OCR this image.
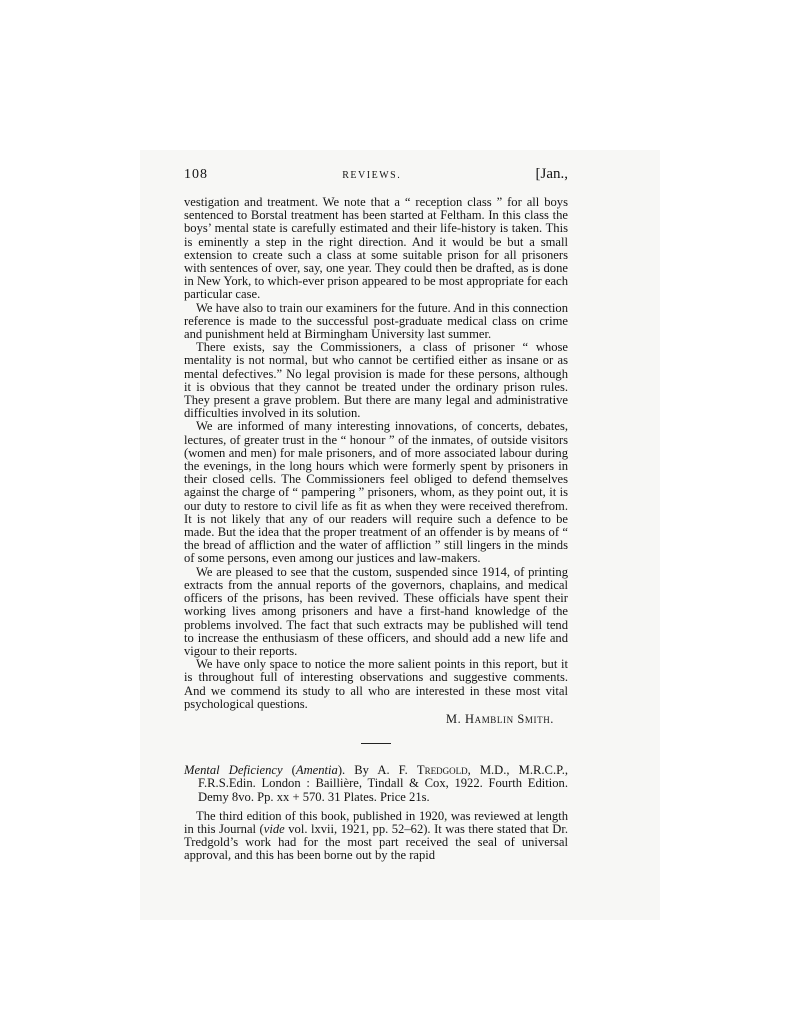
108	REVIEWS.	[Jan.,

vestigation and treatment. We note that a “ reception class ” for all boys sentenced to Borstal treatment has been started at Feltham. In this class the boys’ mental state is carefully estimated and their life-history is taken. This is eminently a step in the right direction. And it would be but a small extension to create such a class at some suitable prison for all prisoners with sentences of over, say, one year. They could then be drafted, as is done in New York, to which-ever prison appeared to be most appropriate for each particular case.

We have also to train our examiners for the future. And in this connection reference is made to the successful post-graduate medical class on crime and punishment held at Birmingham University last summer.

There exists, say the Commissioners, a class of prisoner “ whose mentality is not normal, but who cannot be certified either as insane or as mental defectives.” No legal provision is made for these persons, although it is obvious that they cannot be treated under the ordinary prison rules. They present a grave problem. But there are many legal and administrative difficulties involved in its solution.

We are informed of many interesting innovations, of concerts, debates, lectures, of greater trust in the “ honour ” of the inmates, of outside visitors (women and men) for male prisoners, and of more associated labour during the evenings, in the long hours which were formerly spent by prisoners in their closed cells. The Commissioners feel obliged to defend themselves against the charge of “ pampering ” prisoners, whom, as they point out, it is our duty to restore to civil life as fit as when they were received therefrom. It is not likely that any of our readers will require such a defence to be made. But the idea that the proper treatment of an offender is by means of “ the bread of affliction and the water of affliction ” still lingers in the minds of some persons, even among our justices and law-makers.

We are pleased to see that the custom, suspended since 1914, of printing extracts from the annual reports of the governors, chaplains, and medical officers of the prisons, has been revived. These officials have spent their working lives among prisoners and have a first-hand knowledge of the problems involved. The fact that such extracts may be published will tend to increase the enthusiasm of these officers, and should add a new life and vigour to their reports.

We have only space to notice the more salient points in this report, but it is throughout full of interesting observations and suggestive comments. And we commend its study to all who are interested in these most vital psychological questions.

M. Hamblin Smith.

Mental Deficiency (Amentia). By A. F. Tredgold, M.D., M.R.C.P., F.R.S.Edin. London : Baillière, Tindall & Cox, 1922. Fourth Edition. Demy 8vo. Pp. xx + 570. 31 Plates. Price 21s.

The third edition of this book, published in 1920, was reviewed at length in this Journal (vide vol. lxvii, 1921, pp. 52–62). It was there stated that Dr. Tredgold’s work had for the most part received the seal of universal approval, and this has been borne out by the rapid
